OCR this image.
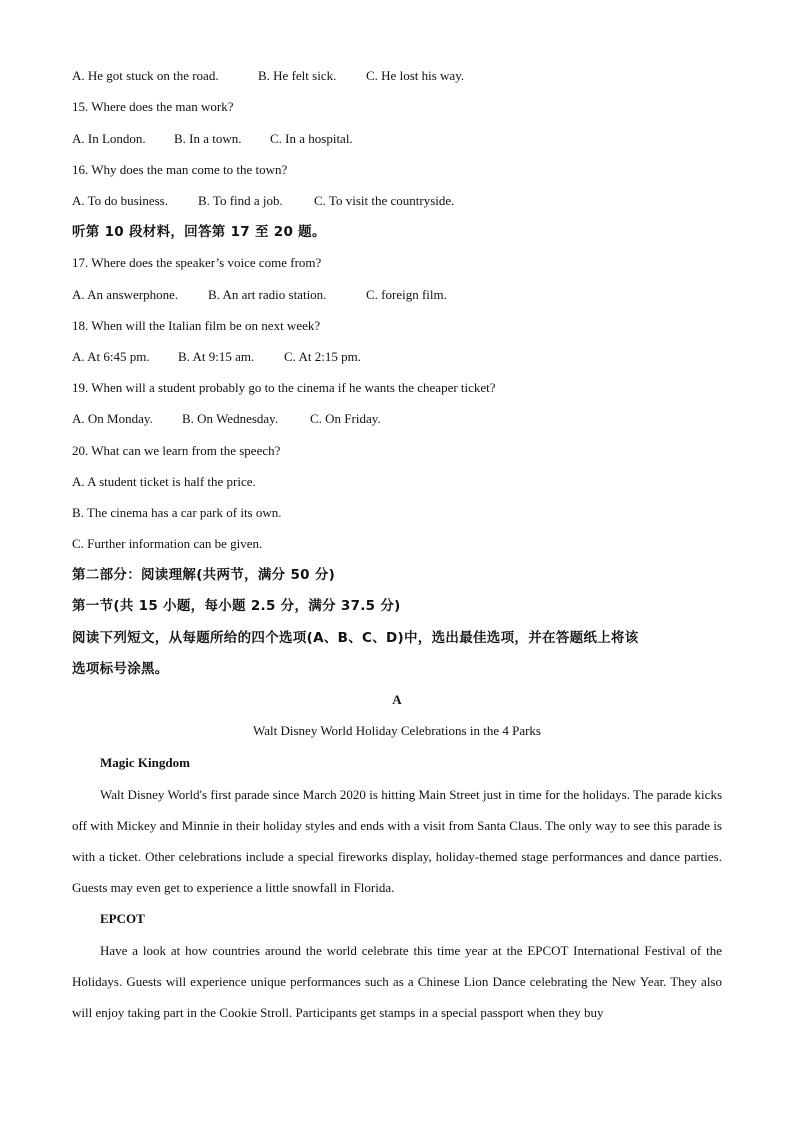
A. He got stuck on the road.	B. He felt sick. C. He lost his way.
15. Where does the man work?
A. In London. B. In a town. C. In a hospital.
16. Why does the man come to the town?
A. To do business. B. To find a job. C. To visit the countryside.
听第 10 段材料，回答第 17 至 20 题。
17. Where does the speaker’s voice come from?
A. An answerphone. B. An art radio station.	C. foreign film.
18. When will the Italian film be on next week?
A. At 6:45 pm. B. At 9:15 am. C. At 2:15 pm.
19. When will a student probably go to the cinema if he wants the cheaper ticket?
A. On Monday. B. On Wednesday. C. On Friday.
20. What can we learn from the speech?
A. A student ticket is half the price.
B. The cinema has a car park of its own.
C. Further information can be given.
第二部分：阅读理解(共两节，满分 50 分)
第一节(共 15 小题，每小题 2.5 分，满分 37.5 分)
阅读下列短文，从每题所给的四个选项(A、B、C、D)中，选出最佳选项，并在答题纸上将该
选项标号涂黑。
A
Walt Disney World Holiday Celebrations in the 4 Parks
Magic Kingdom
Walt Disney World's first parade since March 2020 is hitting Main Street just in time for the holidays. The parade kicks off with Mickey and Minnie in their holiday styles and ends with a visit from Santa Claus. The only way to see this parade is with a ticket. Other celebrations include a special fireworks display, holiday-themed stage performances and dance parties. Guests may even get to experience a little snowfall in Florida.
EPCOT
Have a look at how countries around the world celebrate this time year at the EPCOT International Festival of the Holidays. Guests will experience unique performances such as a Chinese Lion Dance celebrating the New Year. They also will enjoy taking part in the Cookie Stroll. Participants get stamps in a special passport when they buy
